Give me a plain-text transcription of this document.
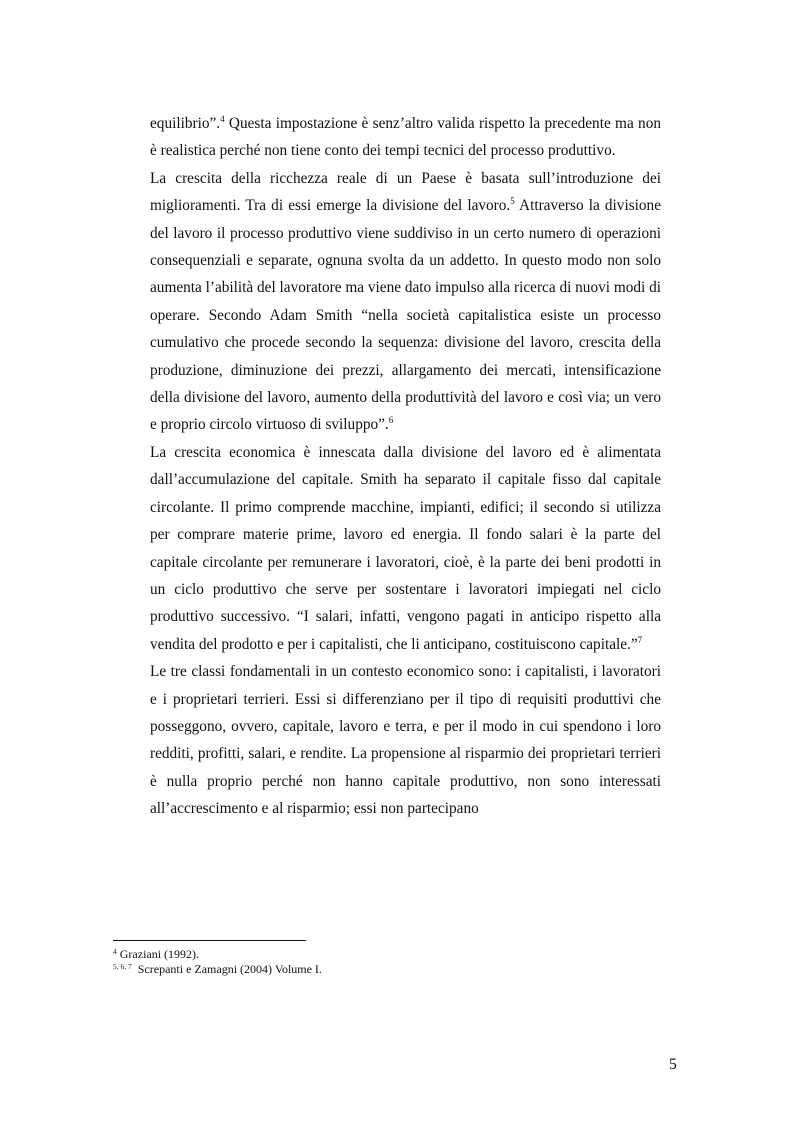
equilibrio”.$^4$ Questa impostazione è senz’altro valida rispetto la precedente ma non è realistica perché non tiene conto dei tempi tecnici del processo produttivo.

La crescita della ricchezza reale di un Paese è basata sull’introduzione dei miglioramenti. Tra di essi emerge la divisione del lavoro.$^5$ Attraverso la divisione del lavoro il processo produttivo viene suddiviso in un certo numero di operazioni consequenziali e separate, ognuna svolta da un addetto. In questo modo non solo aumenta l’abilità del lavoratore ma viene dato impulso alla ricerca di nuovi modi di operare. Secondo Adam Smith “nella società capitalistica esiste un processo cumulativo che procede secondo la sequenza: divisione del lavoro, crescita della produzione, diminuzione dei prezzi, allargamento dei mercati, intensificazione della divisione del lavoro, aumento della produttività del lavoro e così via; un vero e proprio circolo virtuoso di sviluppo”.$^6$

La crescita economica è innescata dalla divisione del lavoro ed è alimentata dall’accumulazione del capitale. Smith ha separato il capitale fisso dal capitale circolante. Il primo comprende macchine, impianti, edifici; il secondo si utilizza per comprare materie prime, lavoro ed energia. Il fondo salari è la parte del capitale circolante per remunerare i lavoratori, cioè, è la parte dei beni prodotti in un ciclo produttivo che serve per sostentare i lavoratori impiegati nel ciclo produttivo successivo. “I salari, infatti, vengono pagati in anticipo rispetto alla vendita del prodotto e per i capitalisti, che li anticipano, costituiscono capitale.”$^7$

Le tre classi fondamentali in un contesto economico sono: i capitalisti, i lavoratori e i proprietari terrieri. Essi si differenziano per il tipo di requisiti produttivi che posseggono, ovvero, capitale, lavoro e terra, e per il modo in cui spendono i loro redditi, profitti, salari, e rendite. La propensione al risparmio dei proprietari terrieri è nulla proprio perché non hanno capitale produttivo, non sono interessati all’accrescimento e al risparmio; essi non partecipano

$^4$ Graziani (1992).
$^{5, 6, 7}$ Screpanti e Zamagni (2004) Volume I.
5
